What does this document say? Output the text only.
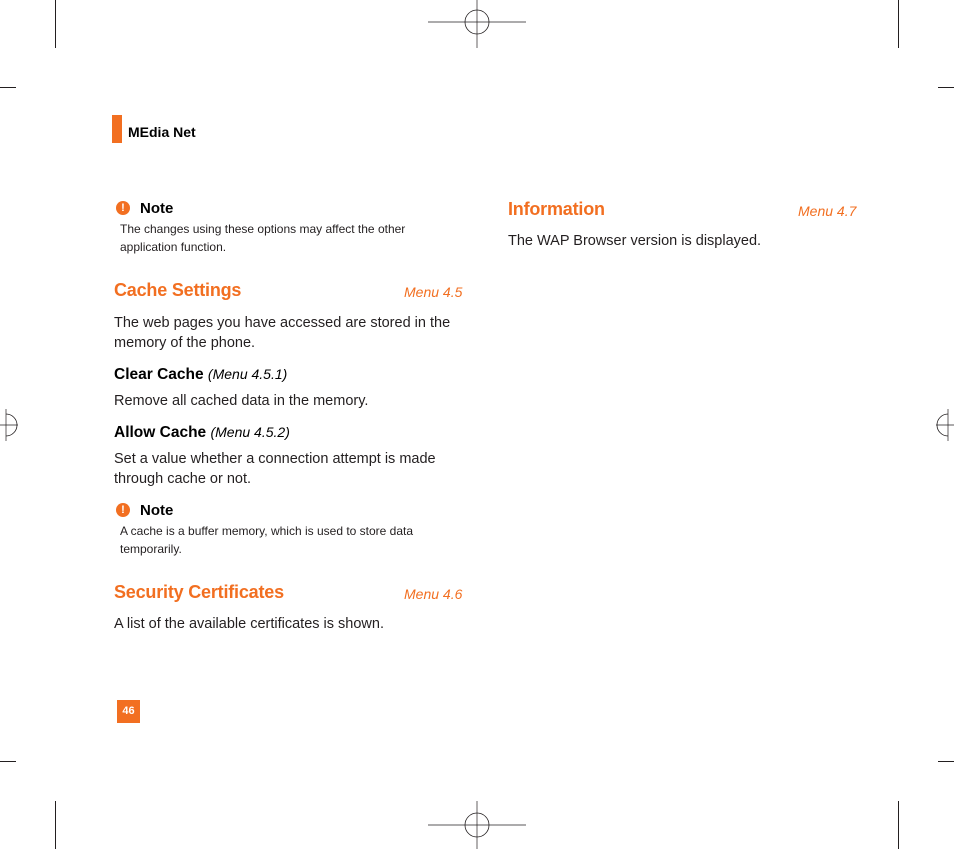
MEdia Net
!	Note
The changes using these options may affect the other application function.
Cache Settings	Menu 4.5
The web pages you have accessed are stored in the memory of the phone.
Clear Cache (Menu 4.5.1)
Remove all cached data in the memory.
Allow Cache (Menu 4.5.2)
Set a value whether a connection attempt is made through cache or not.
!	Note
A cache is a buffer memory, which is used to store data temporarily.
Security Certificates	Menu 4.6
A list of the available certificates is shown.
Information	Menu 4.7
The WAP Browser version is displayed.
46
